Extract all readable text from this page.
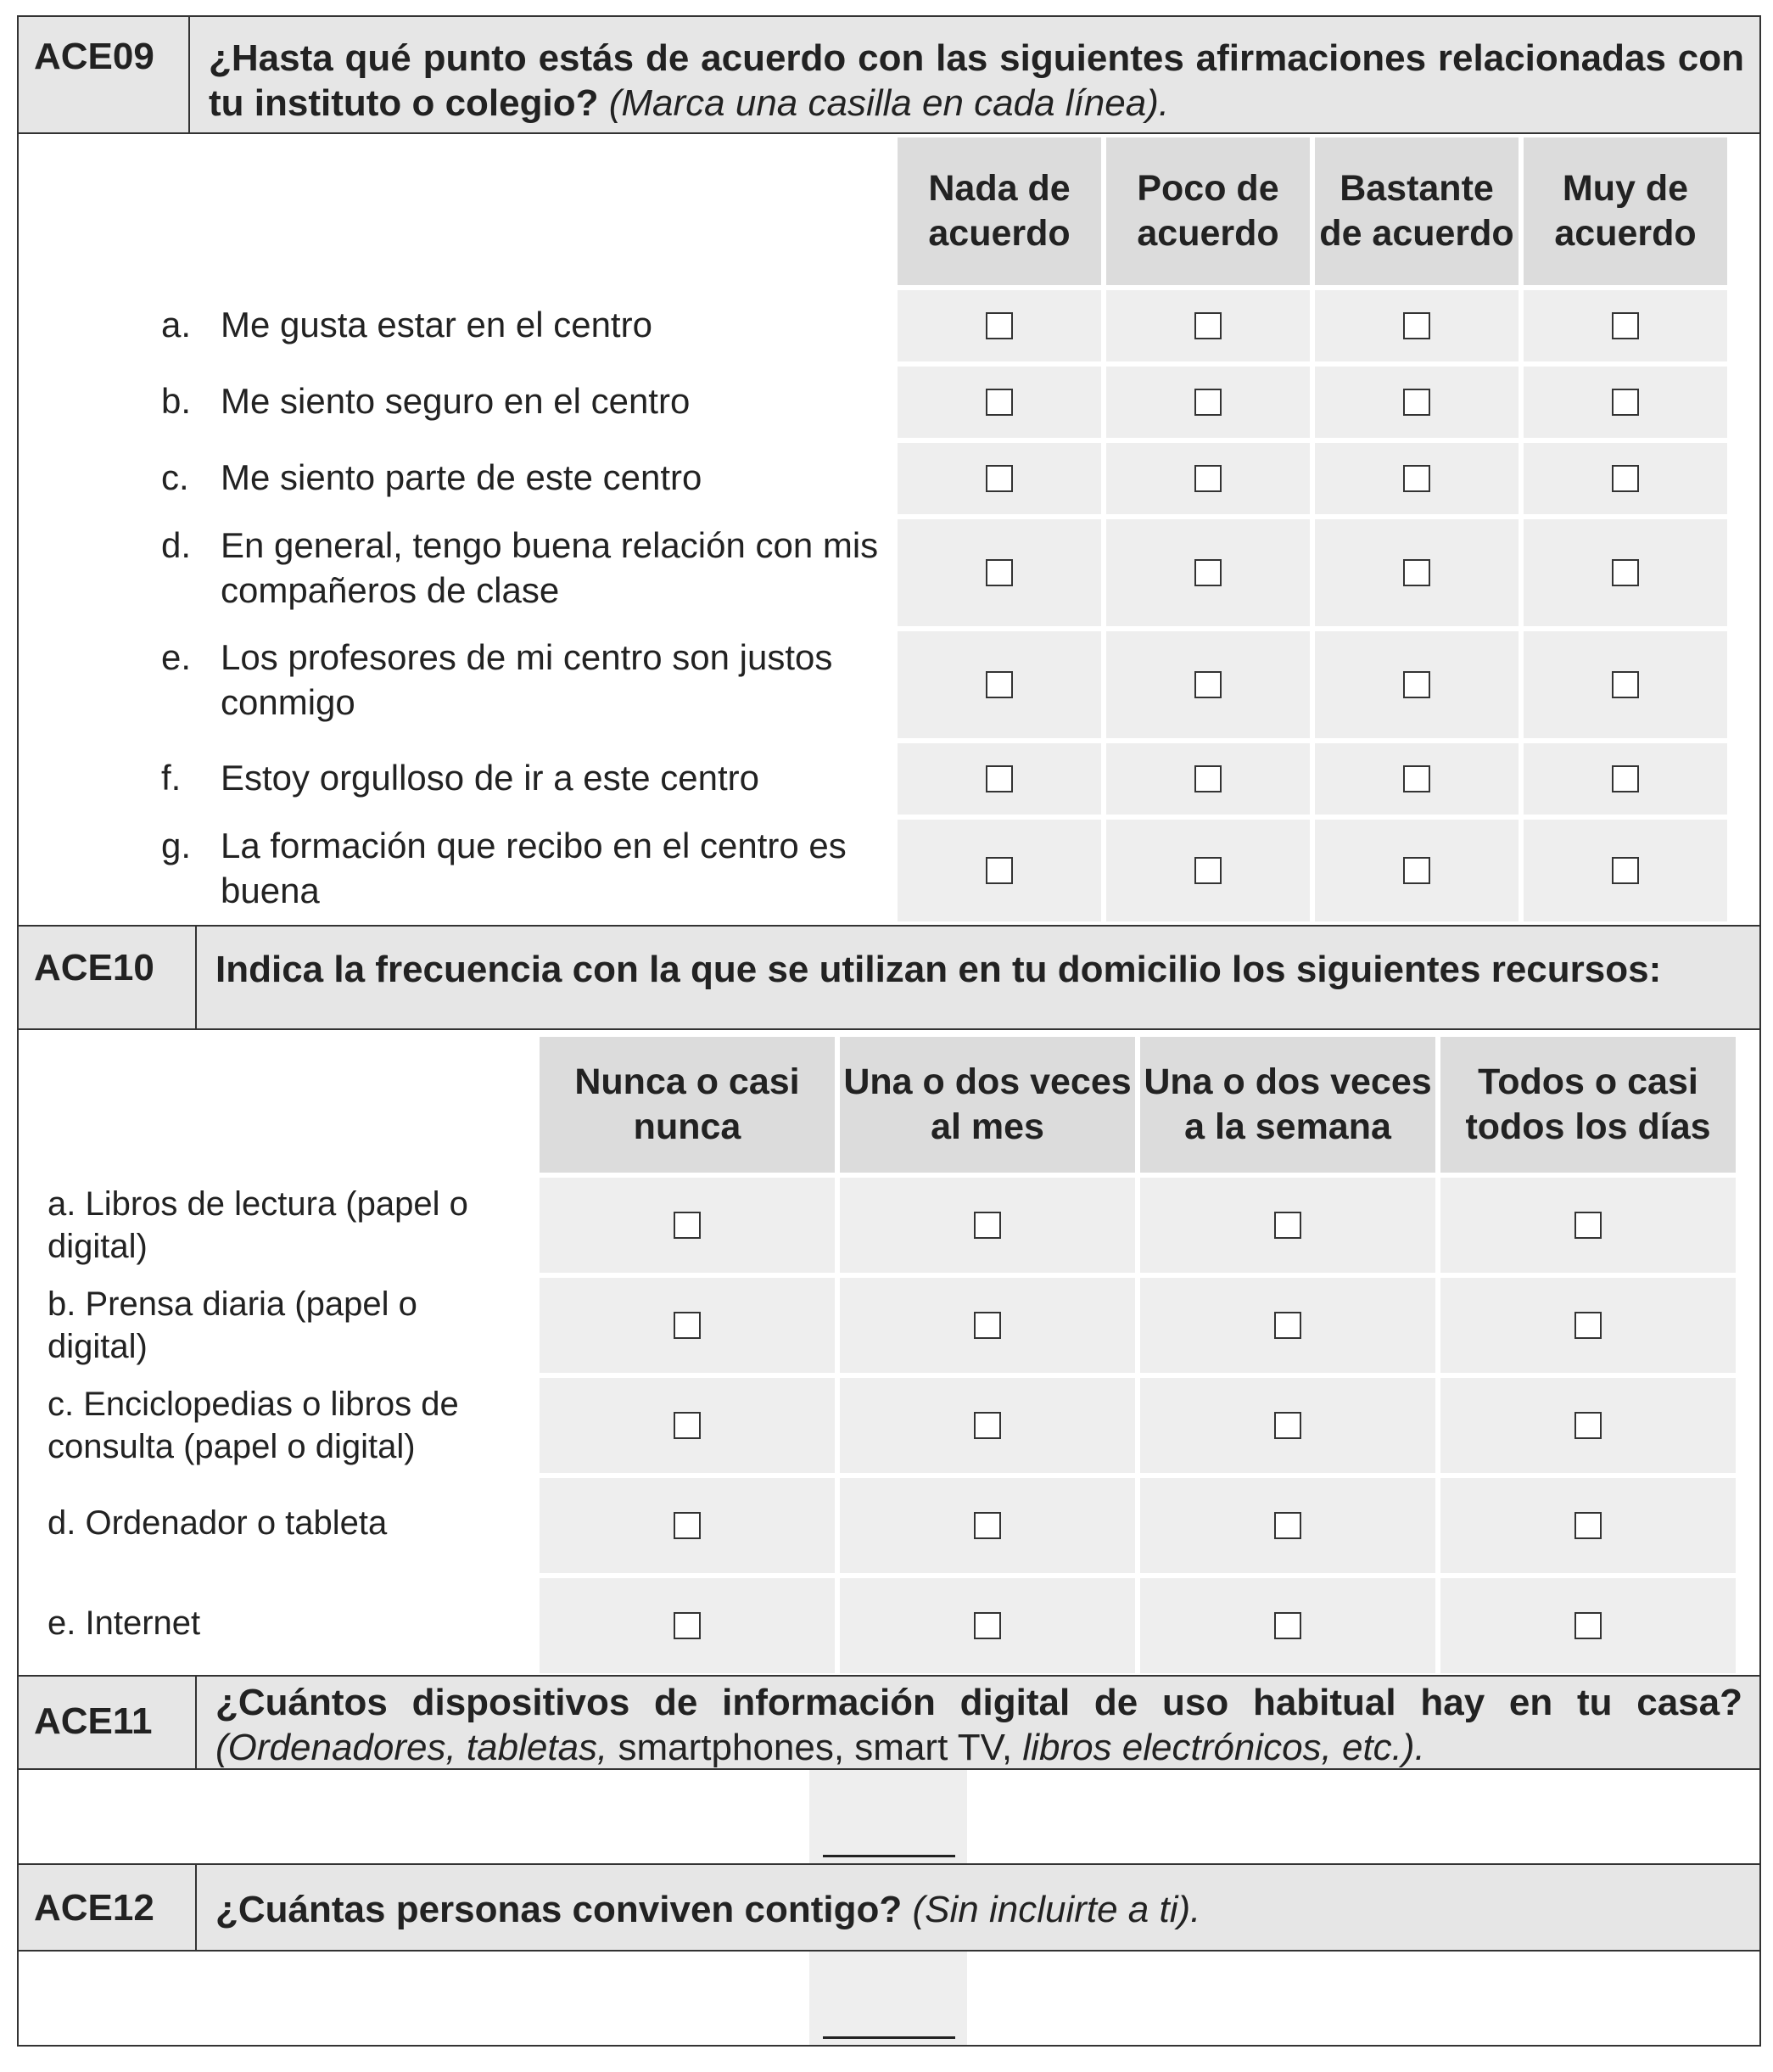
ACE09 ¿Hasta qué punto estás de acuerdo con las siguientes afirmaciones relacionadas con tu instituto o colegio? (Marca una casilla en cada línea).
Nada de acuerdo
Poco de acuerdo
Bastante de acuerdo
Muy de acuerdo
a. Me gusta estar en el centro
b. Me siento seguro en el centro
c. Me siento parte de este centro
d. En general, tengo buena relación con mis compañeros de clase
e. Los profesores de mi centro son justos conmigo
f. Estoy orgulloso de ir a este centro
g. La formación que recibo en el centro es buena
ACE10 Indica la frecuencia con la que se utilizan en tu domicilio los siguientes recursos:
Nunca o casi nunca
Una o dos veces al mes
Una o dos veces a la semana
Todos o casi todos los días
a. Libros de lectura (papel o digital)
b. Prensa diaria (papel o digital)
c. Enciclopedias o libros de consulta (papel o digital)
d. Ordenador o tableta
e. Internet
ACE11 ¿Cuántos dispositivos de información digital de uso habitual hay en tu casa? (Ordenadores, tabletas, smartphones, smart TV, libros electrónicos, etc.).
ACE12 ¿Cuántas personas conviven contigo? (Sin incluirte a ti).
